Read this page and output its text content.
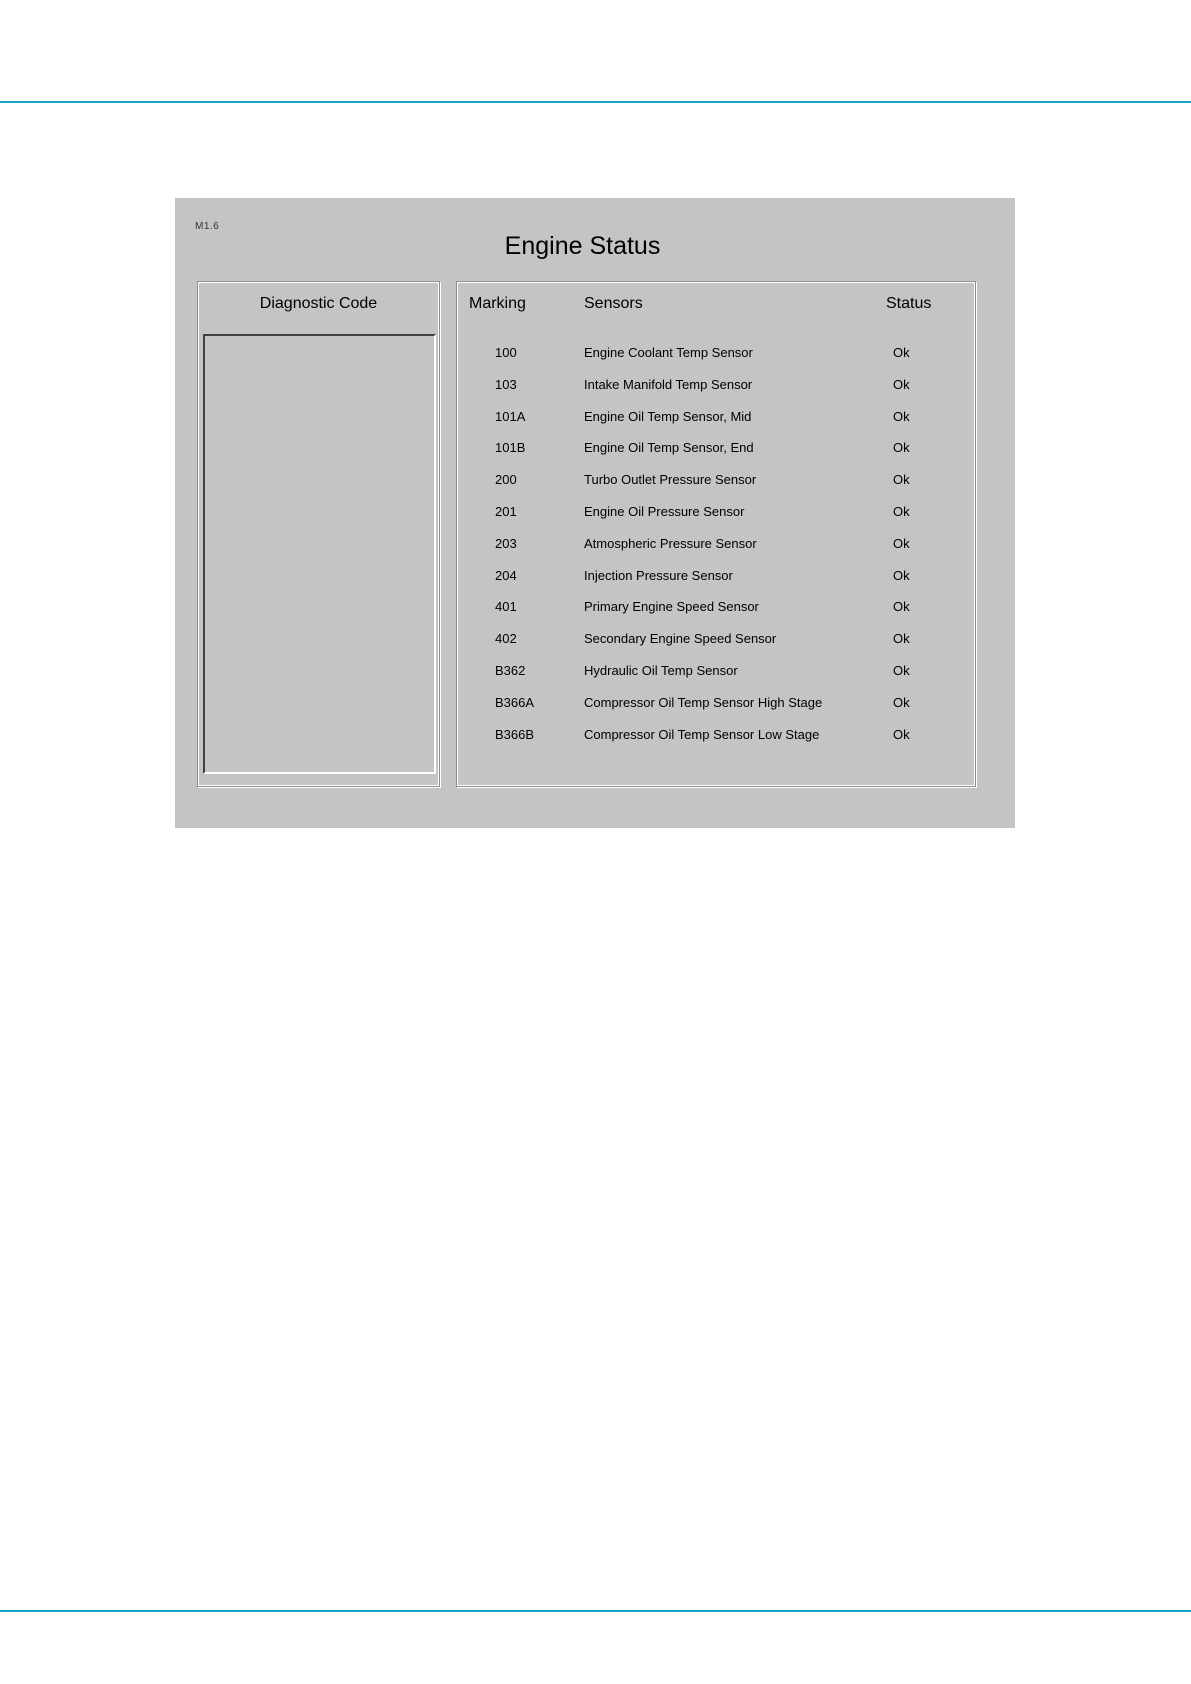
M1.6
Engine Status
Diagnostic Code	Marking	Sensors	Status
100	Engine Coolant Temp Sensor	Ok
103	Intake Manifold Temp Sensor	Ok
101A	Engine Oil Temp Sensor, Mid	Ok
101B	Engine Oil Temp Sensor, End	Ok
200	Turbo Outlet Pressure Sensor	Ok
201	Engine Oil Pressure Sensor	Ok
203	Atmospheric Pressure Sensor	Ok
204	Injection Pressure Sensor	Ok
401	Primary Engine Speed Sensor	Ok
402	Secondary Engine Speed Sensor	Ok
B362	Hydraulic Oil Temp Sensor	Ok
B366A	Compressor Oil Temp Sensor High Stage	Ok
B366B	Compressor Oil Temp Sensor Low Stage	Ok
